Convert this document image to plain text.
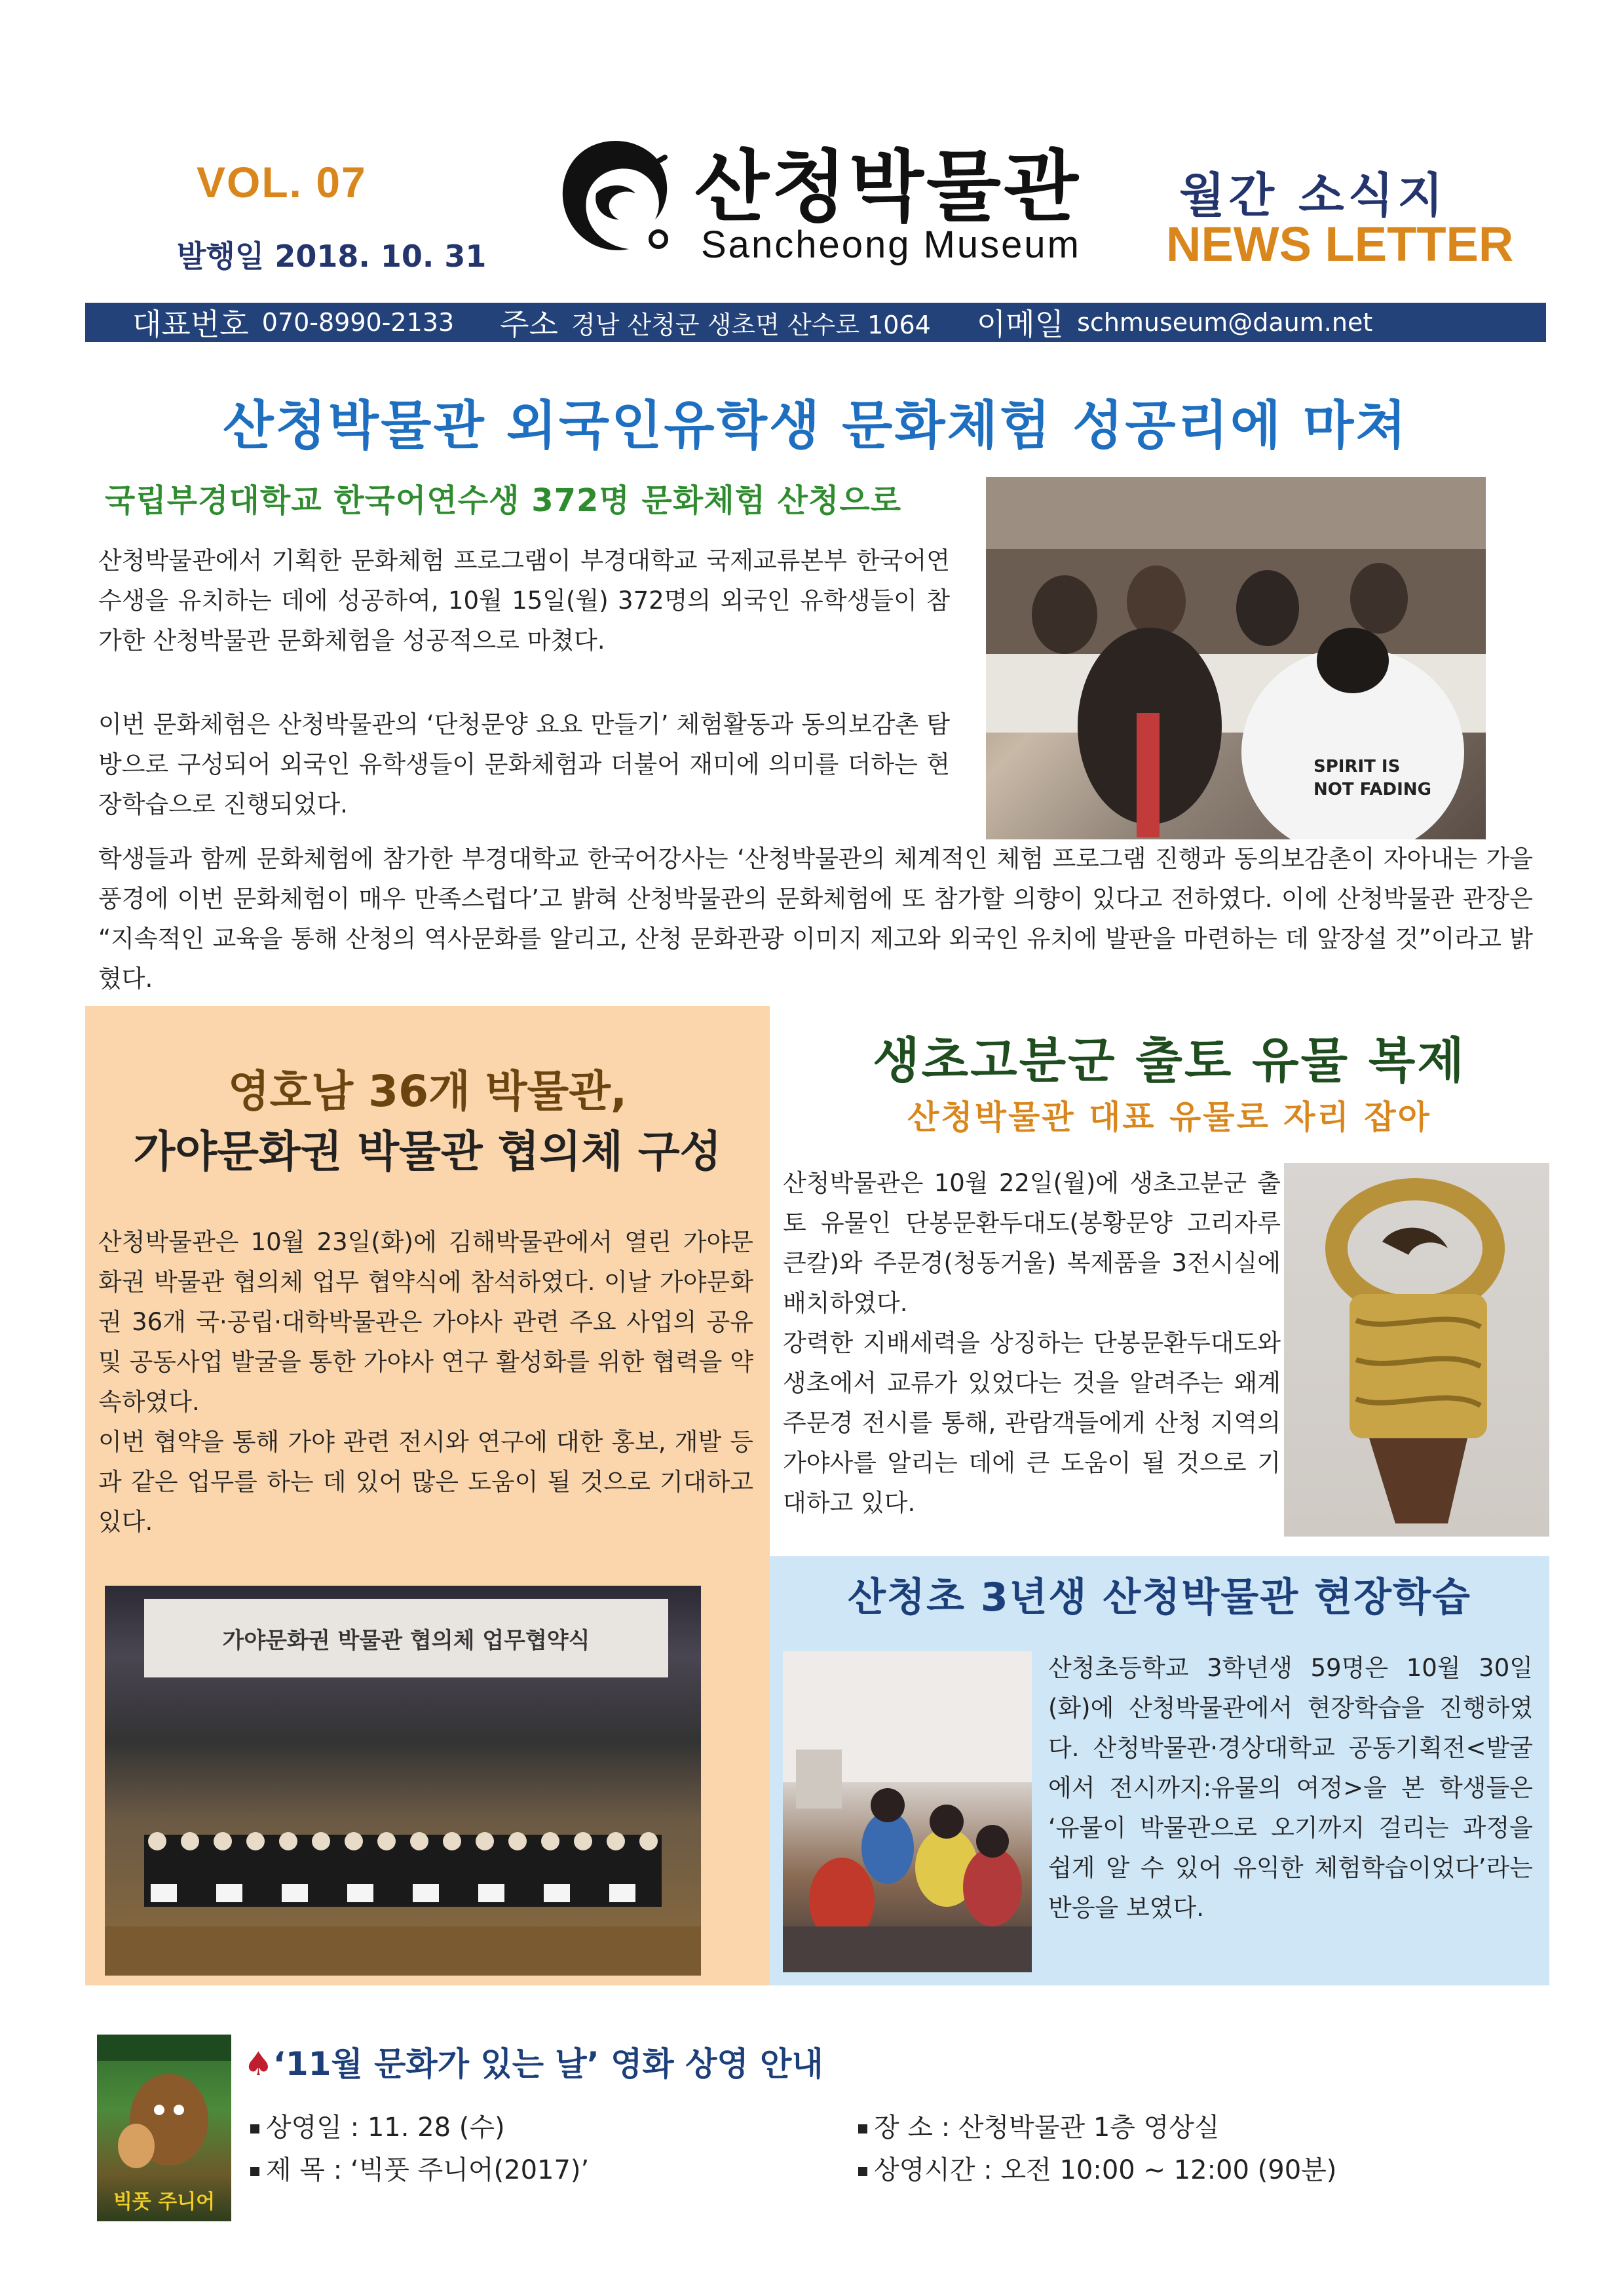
VOL. 07
발행일 2018. 10. 31
산청박물관
Sancheong Museum
월간 소식지
NEWS LETTER
대표번호 070-8990-2133 주소 경남 산청군 생초면 산수로 1064 이메일 schmuseum@daum.net
산청박물관 외국인유학생 문화체험 성공리에 마쳐
국립부경대학교 한국어연수생 372명 문화체험 산청으로
SPIRIT IS
NOT FADING
산청박물관에서 기획한 문화체험 프로그램이 부경대학교 국제교류본부 한국어연수생을 유치하는 데에 성공하여, 10월 15일(월) 372명의 외국인 유학생들이 참가한 산청박물관 문화체험을 성공적으로 마쳤다.
이번 문화체험은 산청박물관의 ‘단청문양 요요 만들기’ 체험활동과 동의보감촌 탐방으로 구성되어 외국인 유학생들이 문화체험과 더불어 재미에 의미를 더하는 현장학습으로 진행되었다.
학생들과 함께 문화체험에 참가한 부경대학교 한국어강사는 ‘산청박물관의 체계적인 체험 프로그램 진행과 동의보감촌이 자아내는 가을 풍경에 이번 문화체험이 매우 만족스럽다’고 밝혀 산청박물관의 문화체험에 또 참가할 의향이 있다고 전하였다. 이에 산청박물관 관장은 “지속적인 교육을 통해 산청의 역사문화를 알리고, 산청 문화관광 이미지 제고와 외국인 유치에 발판을 마련하는 데 앞장설 것”이라고 밝혔다.
영호남 36개 박물관,
가야문화권 박물관 협의체 구성
산청박물관은 10월 23일(화)에 김해박물관에서 열린 가야문화권 박물관 협의체 업무 협약식에 참석하였다. 이날 가야문화권 36개 국·공립·대학박물관은 가야사 관련 주요 사업의 공유 및 공동사업 발굴을 통한 가야사 연구 활성화를 위한 협력을 약속하였다.
이번 협약을 통해 가야 관련 전시와 연구에 대한 홍보, 개발 등과 같은 업무를 하는 데 있어 많은 도움이 될 것으로 기대하고 있다.
가야문화권 박물관 협의체 업무협약식
생초고분군 출토 유물 복제
산청박물관 대표 유물로 자리 잡아
산청박물관은 10월 22일(월)에 생초고분군 출토 유물인 단봉문환두대도(봉황문양 고리자루 큰칼)와 주문경(청동거울) 복제품을 3전시실에 배치하였다.
강력한 지배세력을 상징하는 단봉문환두대도와 생초에서 교류가 있었다는 것을 알려주는 왜계 주문경 전시를 통해, 관람객들에게 산청 지역의 가야사를 알리는 데에 큰 도움이 될 것으로 기대하고 있다.
산청초 3년생 산청박물관 현장학습
산청초등학교 3학년생 59명은 10월 30일(화)에 산청박물관에서 현장학습을 진행하였다. 산청박물관·경상대학교 공동기획전<발굴에서 전시까지:유물의 여정>을 본 학생들은 ‘유물이 박물관으로 오기까지 걸리는 과정을 쉽게 알 수 있어 유익한 체험학습이었다’라는 반응을 보였다.
빅풋 주니어
♠‘11월 문화가 있는 날’ 영화 상영 안내
상영일 : 11. 28 (수)
제 목 : ‘빅풋 주니어(2017)’
장 소 : 산청박물관 1층 영상실
상영시간 : 오전 10:00 ~ 12:00 (90분)
